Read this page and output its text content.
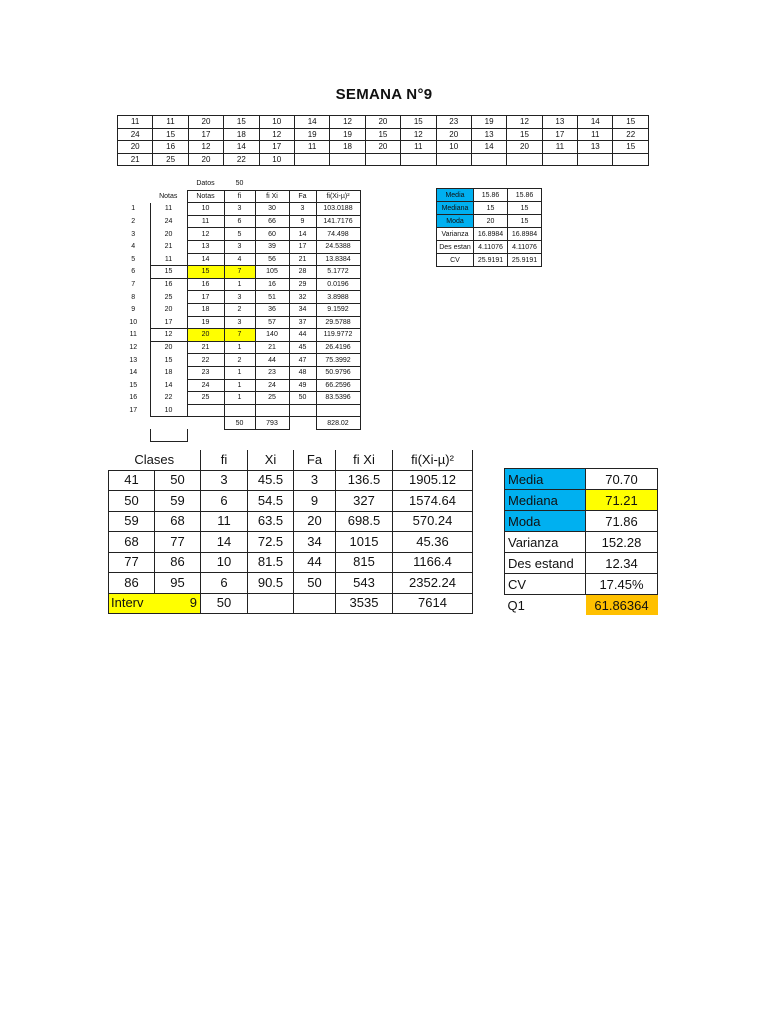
SEMANA N°9
11	11	20	15	10	14	12	20	15	23	19	12	13	14	15
24	15	17	18	12	19	19	15	12	20	13	15	17	11	22
20	16	12	14	17	11	18	20	11	10	14	20	11	13	15
21	25	20	22	10										
		Datos	50			
	Notas	Notas	fi	fi Xi	Fa	fi(Xi-µ)²
1	11	10	3	30	3	103.0188
2	24	11	6	66	9	141.7176
3	20	12	5	60	14	74.498
4	21	13	3	39	17	24.5388
5	11	14	4	56	21	13.8384
6	15	15	7	105	28	5.1772
7	16	16	1	16	29	0.0196
8	25	17	3	51	32	3.8988
9	20	18	2	36	34	9.1592
10	17	19	3	57	37	29.5788
11	12	20	7	140	44	119.9772
12	20	21	1	21	45	26.4196
13	15	22	2	44	47	75.3992
14	18	23	1	23	48	50.9796
15	14	24	1	24	49	66.2596
16	22	25	1	25	50	83.5396
17	10					
			50	793		828.02

Media	15.86	15.86
Mediana	15	15
Moda	20	15
Varianza	16.8984	16.8984
Des estan	4.11076	4.11076
CV	25.9191	25.9191
Clases		fi	Xi	Fa	fi Xi	fi(Xi-µ)²
41	50	3	45.5	3	136.5	1905.12
50	59	6	54.5	9	327	1574.64
59	68	11	63.5	20	698.5	570.24
68	77	14	72.5	34	1015	45.36
77	86	10	81.5	44	815	1166.4
86	95	6	90.5	50	543	2352.24
Interv	9	50			3535	7614
Media	70.70
Mediana	71.21
Moda	71.86
Varianza	152.28
Des estand	12.34
CV	17.45%
Q1	61.86364
